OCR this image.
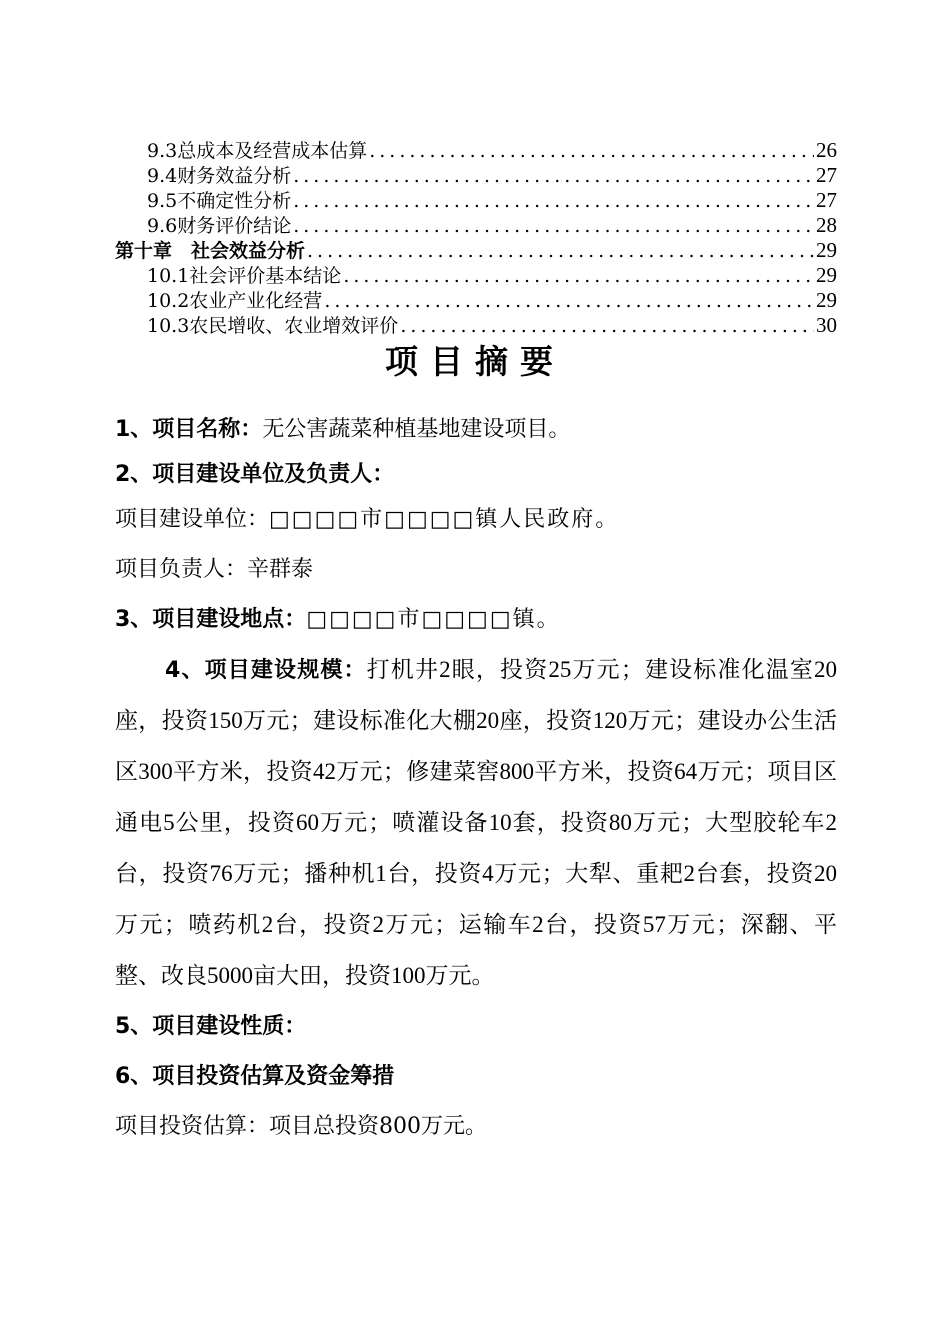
9.3总成本及经营成本估算 .....	26
9.4财务效益分析 .....	27
9.5不确定性分析 .....	27
9.6财务评价结论 .....	28
第十章　社会效益分析 .....	29
10.1社会评价基本结论 .....	29
10.2农业产业化经营 .....	29
10.3农民增收、农业增效评价 .....	30
项目摘要
1、项目名称：无公害蔬菜种植基地建设项目。
2、项目建设单位及负责人：
项目建设单位：□□□□市□□□□镇人民政府。
项目负责人：辛群泰
3、项目建设地点：□□□□市□□□□镇。
4、项目建设规模：打机井2眼，投资25万元；建设标准化温室20座，投资150万元；建设标准化大棚20座，投资120万元；建设办公生活区300平方米，投资42万元；修建菜窖800平方米，投资64万元；项目区通电5公里，投资60万元；喷灌设备10套，投资80万元；大型胶轮车2台，投资76万元；播种机1台，投资4万元；大犁、重耙2台套，投资20万元；喷药机2台，投资2万元；运输车2台，投资57万元；深翻、平整、改良5000亩大田，投资100万元。
5、项目建设性质：
6、项目投资估算及资金筹措
项目投资估算：项目总投资800万元。
